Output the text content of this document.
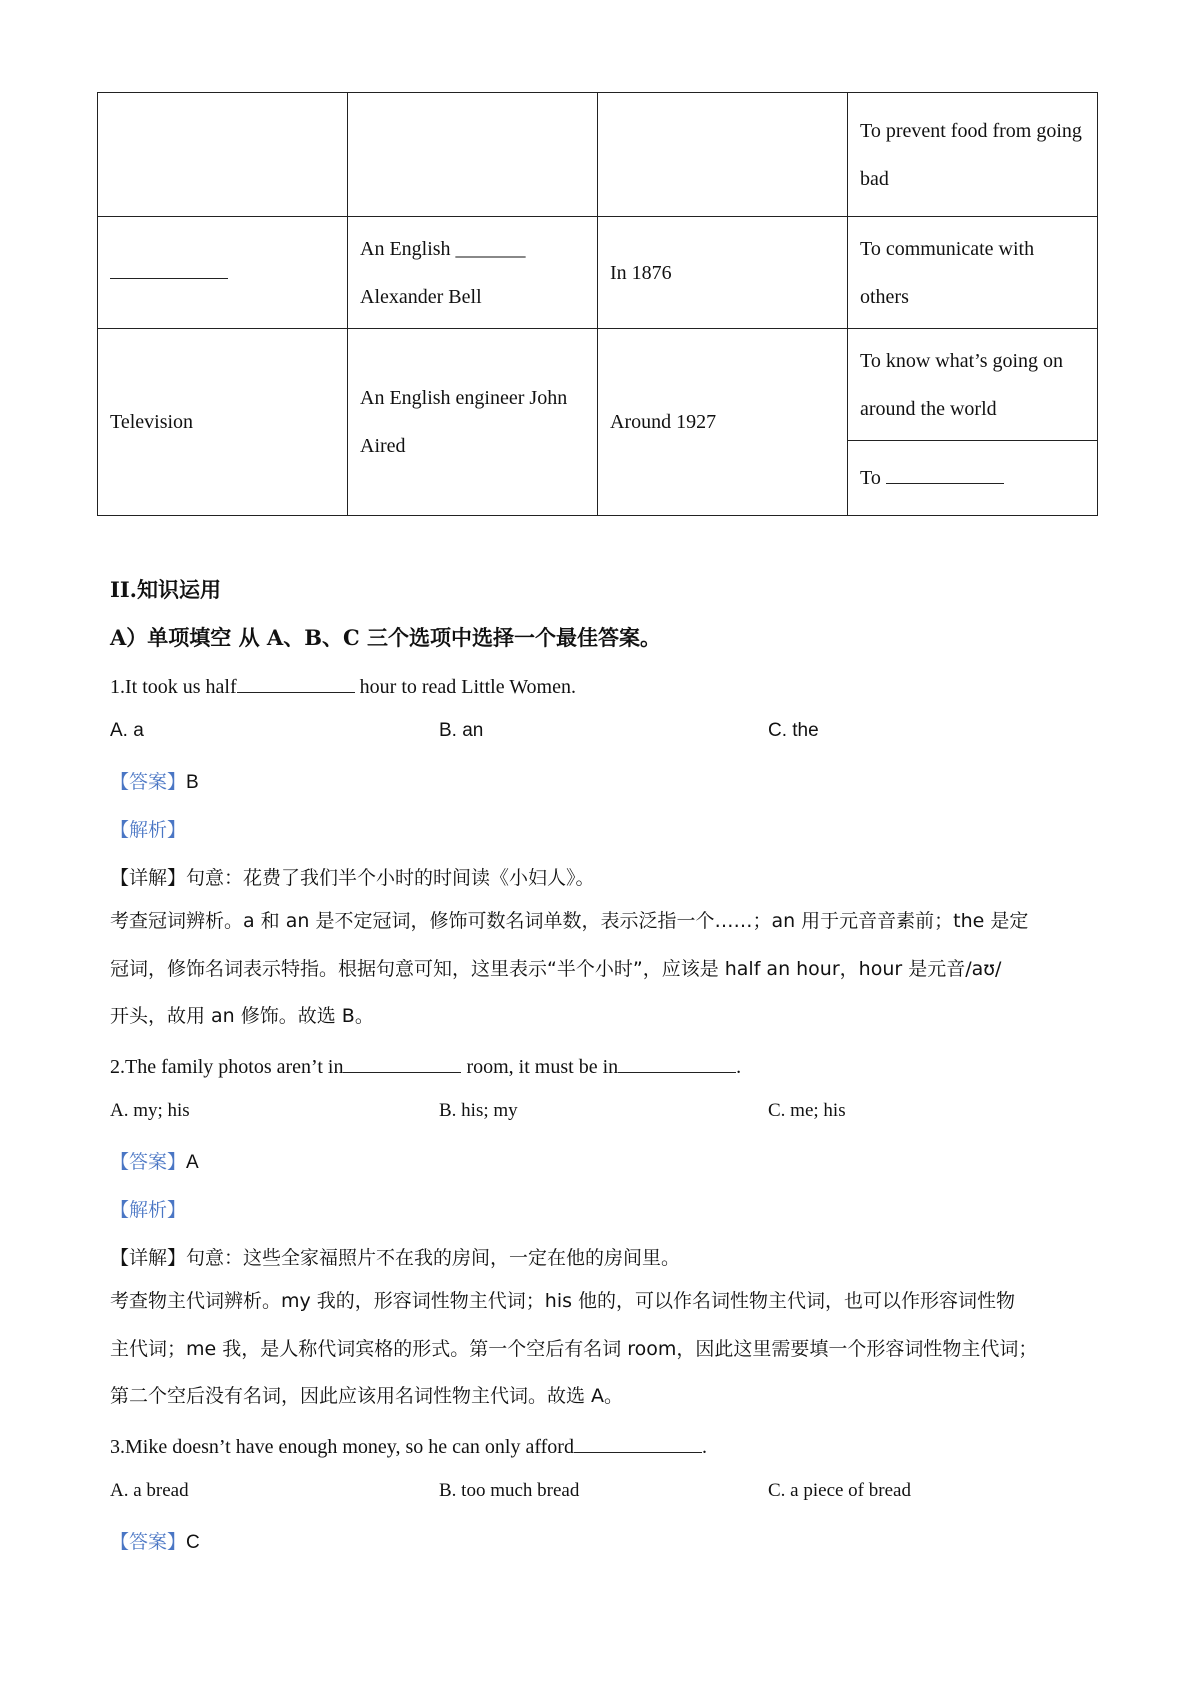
			To prevent food from going bad
	An English _______ Alexander Bell	In 1876	To communicate with others
Television	An English engineer John Aired	Around 1927	To know what’s going on around the world
			To
II.知识运用
A）单项填空 从 A、B、C 三个选项中选择一个最佳答案。
1.It took us half	hour to read Little Women.
A. a	B. an	C. the
【答案】B
【解析】
【详解】句意：花费了我们半个小时的时间读《小妇人》。
考查冠词辨析。a 和 an 是不定冠词，修饰可数名词单数，表示泛指一个……；an 用于元音音素前；the 是定
冠词，修饰名词表示特指。根据句意可知，这里表示“半个小时”，应该是 half an hour，hour 是元音/aʊ/
开头，故用 an 修饰。故选 B。
2.The family photos aren’t in	room, it must be in	.
A. my; his	B. his; my	C. me; his
【答案】A
【解析】
【详解】句意：这些全家福照片不在我的房间，一定在他的房间里。
考查物主代词辨析。my 我的，形容词性物主代词；his 他的，可以作名词性物主代词，也可以作形容词性物
主代词；me 我，是人称代词宾格的形式。第一个空后有名词 room，因此这里需要填一个形容词性物主代词；
第二个空后没有名词，因此应该用名词性物主代词。故选 A。
3.Mike doesn’t have enough money, so he can only afford	.
A. a bread	B. too much bread	C. a piece of bread
【答案】C
